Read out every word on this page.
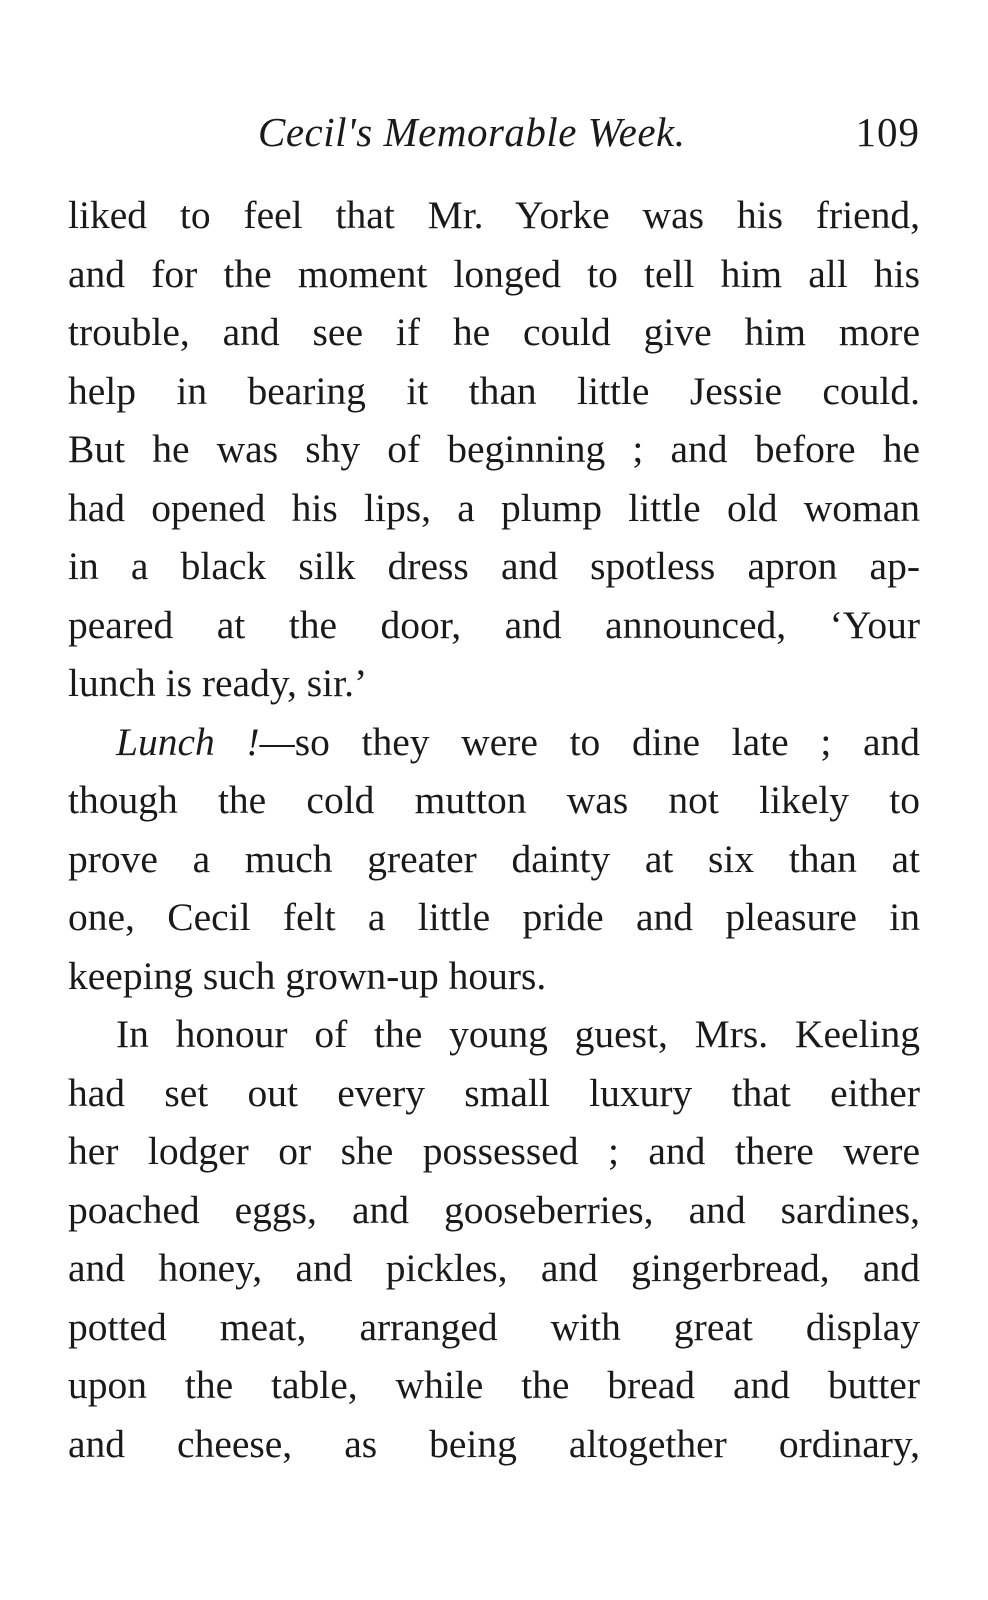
Cecil's Memorable Week.	109
liked to feel that Mr. Yorke was his friend,
and for the moment longed to tell him all his
trouble, and see if he could give him more
help in bearing it than little Jessie could.
But he was shy of beginning ; and before he
had opened his lips, a plump little old woman
in a black silk dress and spotless apron ap-
peared at the door, and announced, ‘Your
lunch is ready, sir.’
Lunch !—so they were to dine late ; and
though the cold mutton was not likely to
prove a much greater dainty at six than at
one, Cecil felt a little pride and pleasure in
keeping such grown-up hours.
In honour of the young guest, Mrs. Keeling
had set out every small luxury that either
her lodger or she possessed ; and there were
poached eggs, and gooseberries, and sardines,
and honey, and pickles, and gingerbread, and
potted meat, arranged with great display
upon the table, while the bread and butter
and cheese, as being altogether ordinary,
